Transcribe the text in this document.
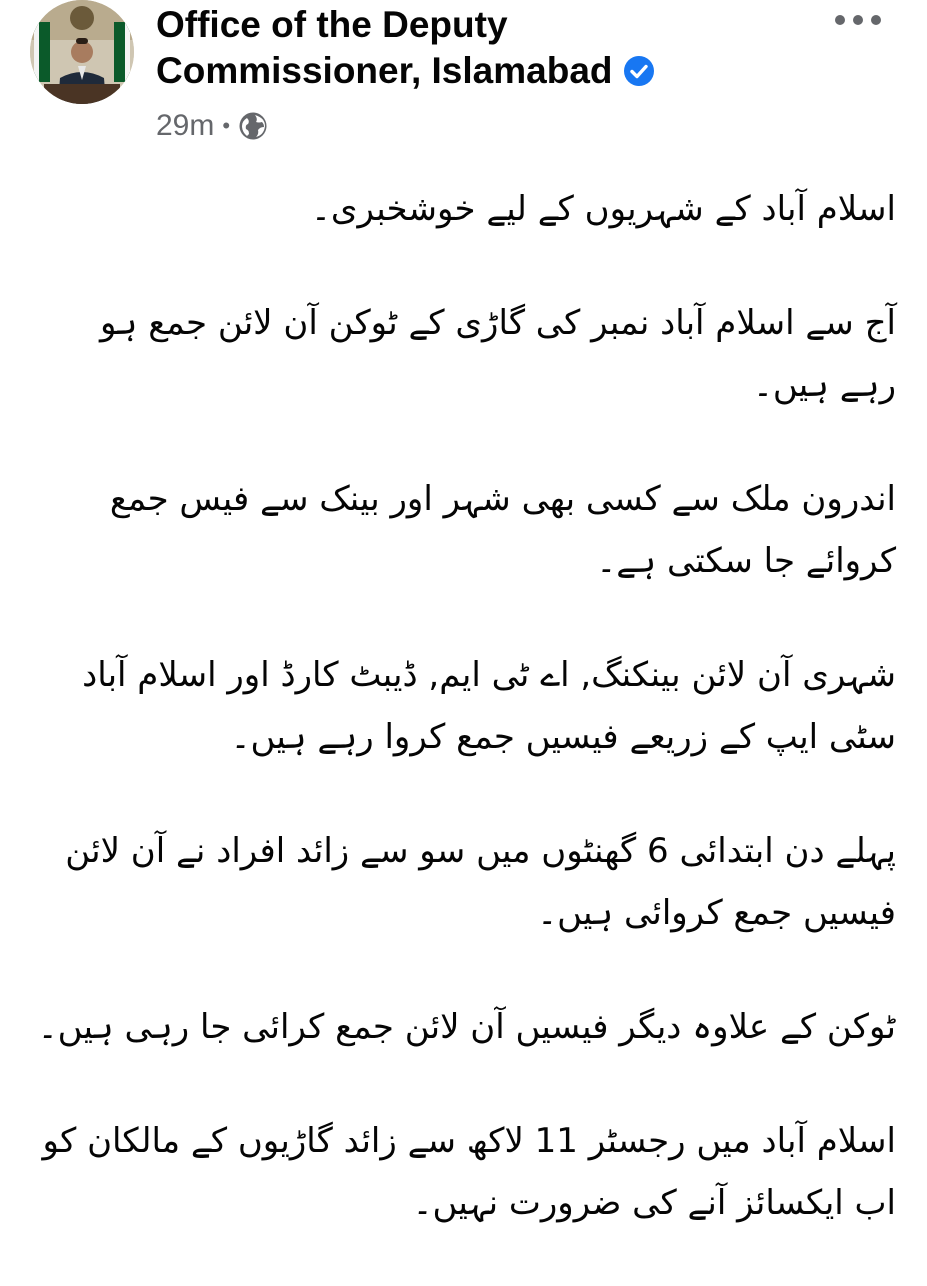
Office of the Deputy
Commissioner, Islamabad
29m •

اسلام آباد کے شہریوں کے لیے خوشخبری۔

آج سے اسلام آباد نمبر کی گاڑی کے ٹوکن آن لائن جمع ہو رہے ہیں۔

اندرون ملک سے کسی بھی شہر اور بینک سے فیس جمع کروائے جا سکتی ہے۔

شہری آن لائن بینکنگ, اے ٹی ایم, ڈیبٹ کارڈ اور اسلام آباد سٹی ایپ کے زریعے فیسیں جمع کروا رہے ہیں۔

پہلے دن ابتدائی 6 گھنٹوں میں سو سے زائد افراد نے آن لائن فیسیں جمع کروائی ہیں۔

ٹوکن کے علاوہ دیگر فیسیں آن لائن جمع کرائی جا رہی ہیں۔

اسلام آباد میں رجسٹر 11 لاکھ سے زائد گاڑیوں کے مالکان کو اب ایکسائز آنے کی ضرورت نہیں۔
